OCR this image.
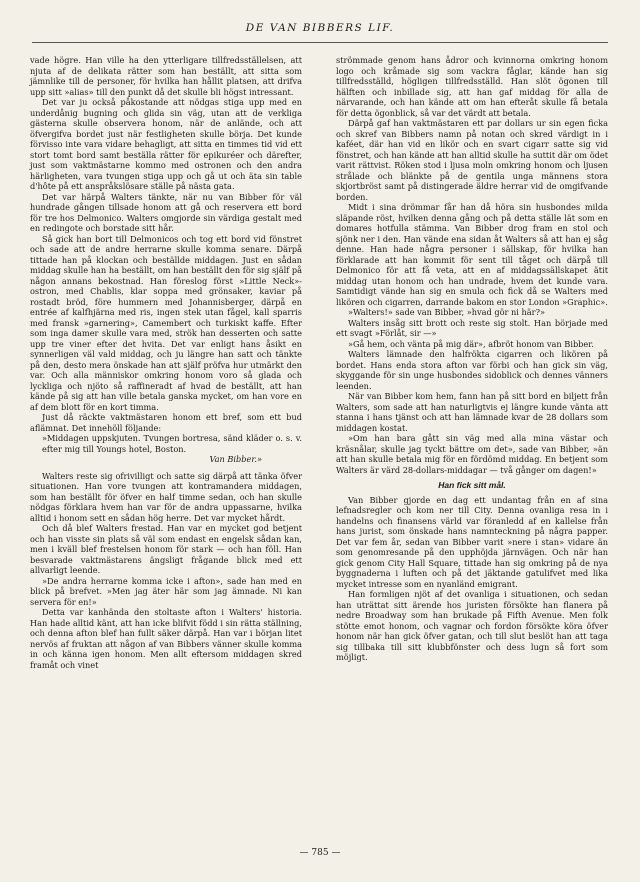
DE VAN BIBBERS LIF.

vade högre. Han ville ha den ytterligare tillfredsställelsen, att njuta af de delikata rätter som han beställt, att sitta som jämnlike till de personer, för hvilka han hållit platsen, att drifva upp sitt »alias» till den punkt då det skulle bli högst intressant.

Det var ju också påkostande att nödgas stiga upp med en underdånig bugning och glida sin väg, utan att de verkliga gästerna skulle observera honom, när de anlände, och att öfvergifva bordet just när festligheten skulle börja. Det kunde förvisso inte vara vidare behagligt, att sitta en timmes tid vid ett stort tomt bord samt beställa rätter för epikuréer och därefter, just som vaktmästarne kommo med ostronen och den andra härligheten, vara tvungen stiga upp och gå ut och äta sin table d'hôte på ett anspråkslösare ställe på nästa gata.

Det var härpå Walters tänkte, när nu van Bibber för väl hundrade gången tillsade honom att gå och reservera ett bord för tre hos Delmonico. Walters omgjorde sin värdiga gestalt med en redingote och borstade sitt hår.

Så gick han bort till Delmonicos och tog ett bord vid fönstret och sade att de andre herrarne skulle komma senare. Därpå tittade han på klockan och beställde middagen. Just en sådan middag skulle han ha beställt, om han beställt den för sig själf på någon annans bekostnad. Han föreslog först »Little Neck»-ostron, med Chablis, klar soppa med grönsaker, kaviar på rostadt bröd, före hummern med Johannisberger, därpå en entrée af kalfhjärna med ris, ingen stek utan fågel, kall sparris med fransk »garnering», Camembert och turkiskt kaffe. Efter som inga damer skulle vara med, strök han desserten och satte upp tre viner efter det hvita. Det var enligt hans åsikt en synnerligen väl vald middag, och ju längre han satt och tänkte på den, desto mera önskade han att själf pröfva hur utmärkt den var. Och alla människor omkring honom voro så glada och lyckliga och njöto så raffineradt af hvad de beställt, att han kände på sig att han ville betala ganska mycket, om han vore en af dem blott för en kort timma.

Just då räckte vaktmästaren honom ett bref, som ett bud aflämnat. Det innehöll följande:

»Middagen uppskjuten. Tvungen bortresa, sänd kläder o. s. v. efter mig till Youngs hotel, Boston.

Van Bibber.»

Walters reste sig ofrivilligt och satte sig därpå att tänka öfver situationen. Han vore tvungen att kontramandera middagen, som han beställt för öfver en half timme sedan, och han skulle nödgas förklara hvem han var för de andra uppassarne, hvilka alltid i honom sett en sådan hög herre. Det var mycket hårdt.

Och då blef Walters frestad. Han var en mycket god betjent och han visste sin plats så väl som endast en engelsk sådan kan, men i kväll blef frestelsen honom för stark — och han föll. Han besvarade vaktmästarens ängsligt frågande blick med ett allvarligt leende.

»De andra herrarne komma icke i afton», sade han med en blick på brefvet. »Men jag äter här som jag ämnade. Ni kan servera för en!»

Detta var kanhända den stoltaste afton i Walters' historia. Han hade alltid känt, att han icke blifvit född i sin rätta ställning, och denna afton blef han fullt säker därpå. Han var i början litet nervös af fruktan att någon af van Bibbers vänner skulle komma in och känna igen honom. Men allt eftersom middagen skred framåt och vinet

strömmade genom hans ådror och kvinnorna omkring honom logo och kråmade sig som vackra fåglar, kände han sig tillfredsställd, högligen tillfredsställd. Han slöt ögonen till hälften och inbillade sig, att han gaf middag för alla de närvarande, och han kände att om han efteråt skulle få betala för detta ögonblick, så var det värdt att betala.

Därpå gaf han vaktmästaren ett par dollars ur sin egen ficka och skref van Bibbers namn på notan och skred värdigt in i kaféet, där han vid en likör och en svart cigarr satte sig vid fönstret, och han kände att han alltid skulle ha suttit där om ödet varit rättvist. Röken stod i ljusa moln omkring honom och ljusen strålade och blänkte på de gentila unga männens stora skjortbröst samt på distingerade äldre herrar vid de omgifvande borden.

Midt i sina drömmar får han då höra sin husbondes milda släpande röst, hvilken denna gång och på detta ställe lät som en domares hotfulla stämma. Van Bibber drog fram en stol och sjönk ner i den. Han vände ena sidan åt Walters så att han ej såg denne. Han hade några personer i sällskap, för hvilka han förklarade att han kommit för sent till tåget och därpå till Delmonico för att få veta, att en af middagssällskapet ätit middag utan honom och han undrade, hvem det kunde vara. Samtidigt vände han sig en smula och fick då se Walters med likören och cigarren, darrande bakom en stor London »Graphic».

»Walters!» sade van Bibber, »hvad gör ni här?»

Walters insåg sitt brott och reste sig stolt. Han började med ett svagt »Förlåt, sir —»

»Gå hem, och vänta på mig där», afbröt honom van Bibber.

Walters lämnade den halfrökta cigarren och likören på bordet. Hans enda stora afton var förbi och han gick sin väg, skyggande för sin unge husbondes sidoblick och dennes vänners leenden.

När van Bibber kom hem, fann han på sitt bord en biljett från Walters, som sade att han naturligtvis ej längre kunde vänta att stanna i hans tjänst och att han lämnade kvar de 28 dollars som middagen kostat.

»Om han bara gått sin väg med alla mina västar och kräsnålar, skulle jag tyckt bättre om det», sade van Bibber, »än att han skulle betala mig för en fördömd middag. En betjent som Walters är värd 28-dollars-middagar — två gånger om dagen!»

Han fick sitt mål.

Van Bibber gjorde en dag ett undantag från en af sina lefnadsregler och kom ner till City. Denna ovanliga resa in i handelns och finansens värld var föranledd af en kallelse från hans jurist, som önskade hans namnteckning på några papper. Det var fem år, sedan van Bibber varit »nere i stan» vidare än som genomresande på den upphöjda järnvägen. Och när han gick genom City Hall Square, tittade han sig omkring på de nya byggnaderna i luften och på det jäktande gatulifvet med lika mycket intresse som en nyanländ emigrant.

Han formligen njöt af det ovanliga i situationen, och sedan han uträttat sitt ärende hos juristen försökte han flanera på nedre Broadway som han brukade på Fifth Avenue. Men folk stötte emot honom, och vagnar och fordon försökte köra öfver honom när han gick öfver gatan, och till slut beslöt han att taga sig tillbaka till sitt klubbfönster och dess lugn så fort som möjligt.

— 785 —
